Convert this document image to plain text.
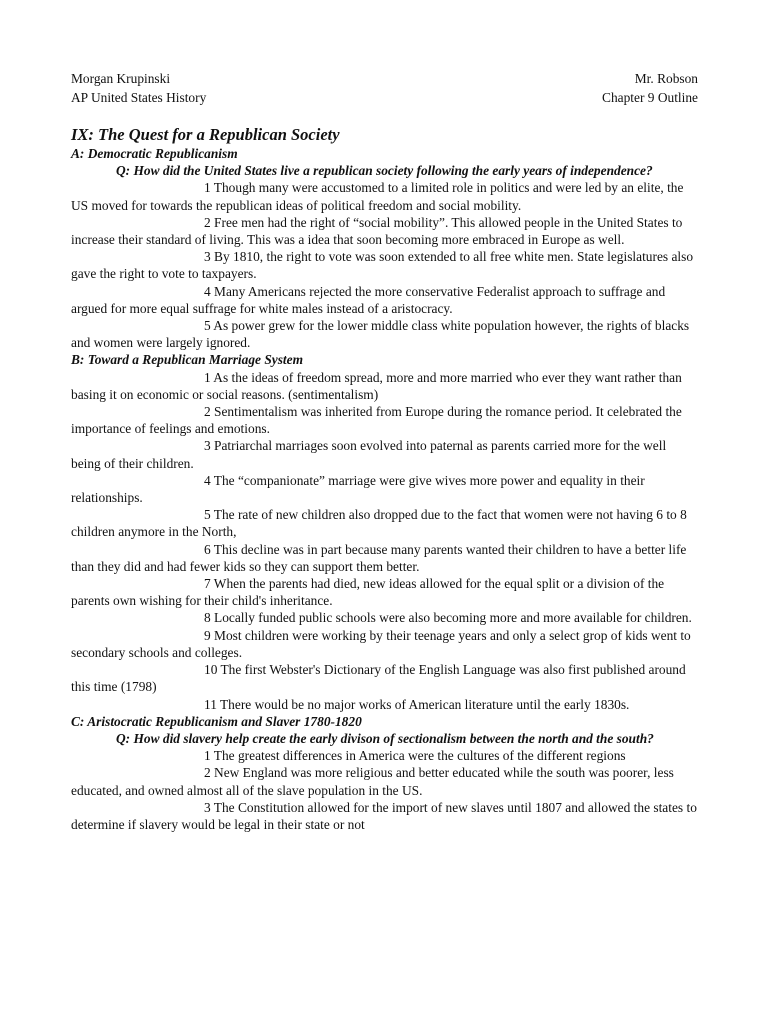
Morgan Krupinski	Mr. Robson
AP United States History	Chapter 9 Outline

IX: The Quest for a Republican Society

A: Democratic Republicanism

Q: How did the United States live a republican society following the early years of independence?

1 Though many were accustomed to a limited role in politics and were led by an elite, the US moved for towards the republican ideas of political freedom and social mobility.

2 Free men had the right of “social mobility”. This allowed people in the United States to increase their standard of living. This was a idea that soon becoming more embraced in Europe as well.

3 By 1810, the right to vote was soon extended to all free white men. State legislatures also gave the right to vote to taxpayers.

4 Many Americans rejected the more conservative Federalist approach to suffrage and argued for more equal suffrage for white males instead of a aristocracy.

5 As power grew for the lower middle class white population however, the rights of blacks and women were largely ignored.

B: Toward a Republican Marriage System

1 As the ideas of freedom spread, more and more married who ever they want rather than basing it on economic or social reasons. (sentimentalism)

2 Sentimentalism was inherited from Europe during the romance period. It celebrated the importance of feelings and emotions.

3 Patriarchal marriages soon evolved into paternal as parents carried more for the well being of their children.

4 The “companionate” marriage were give wives more power and equality in their relationships.

5 The rate of new children also dropped due to the fact that women were not having 6 to 8 children anymore in the North,

6 This decline was in part because many parents wanted their children to have a better life than they did and had fewer kids so they can support them better.

7 When the parents had died, new ideas allowed for the equal split or a division of the parents own wishing for their child's inheritance.

8 Locally funded public schools were also becoming more and more available for children.

9 Most children were working by their teenage years and only a select grop of kids went to secondary schools and colleges.

10 The first Webster's Dictionary of the English Language was also first published around this time (1798)

11 There would be no major works of American literature until the early 1830s.

C: Aristocratic Republicanism and Slaver 1780-1820

Q: How did slavery help create the early divison of sectionalism between the north and the south?

1 The greatest differences in America were the cultures of the different regions

2 New England was more religious and better educated while the south was poorer, less educated, and owned almost all of the slave population in the US.

3 The Constitution allowed for the import of new slaves until 1807 and allowed the states to determine if slavery would be legal in their state or not
